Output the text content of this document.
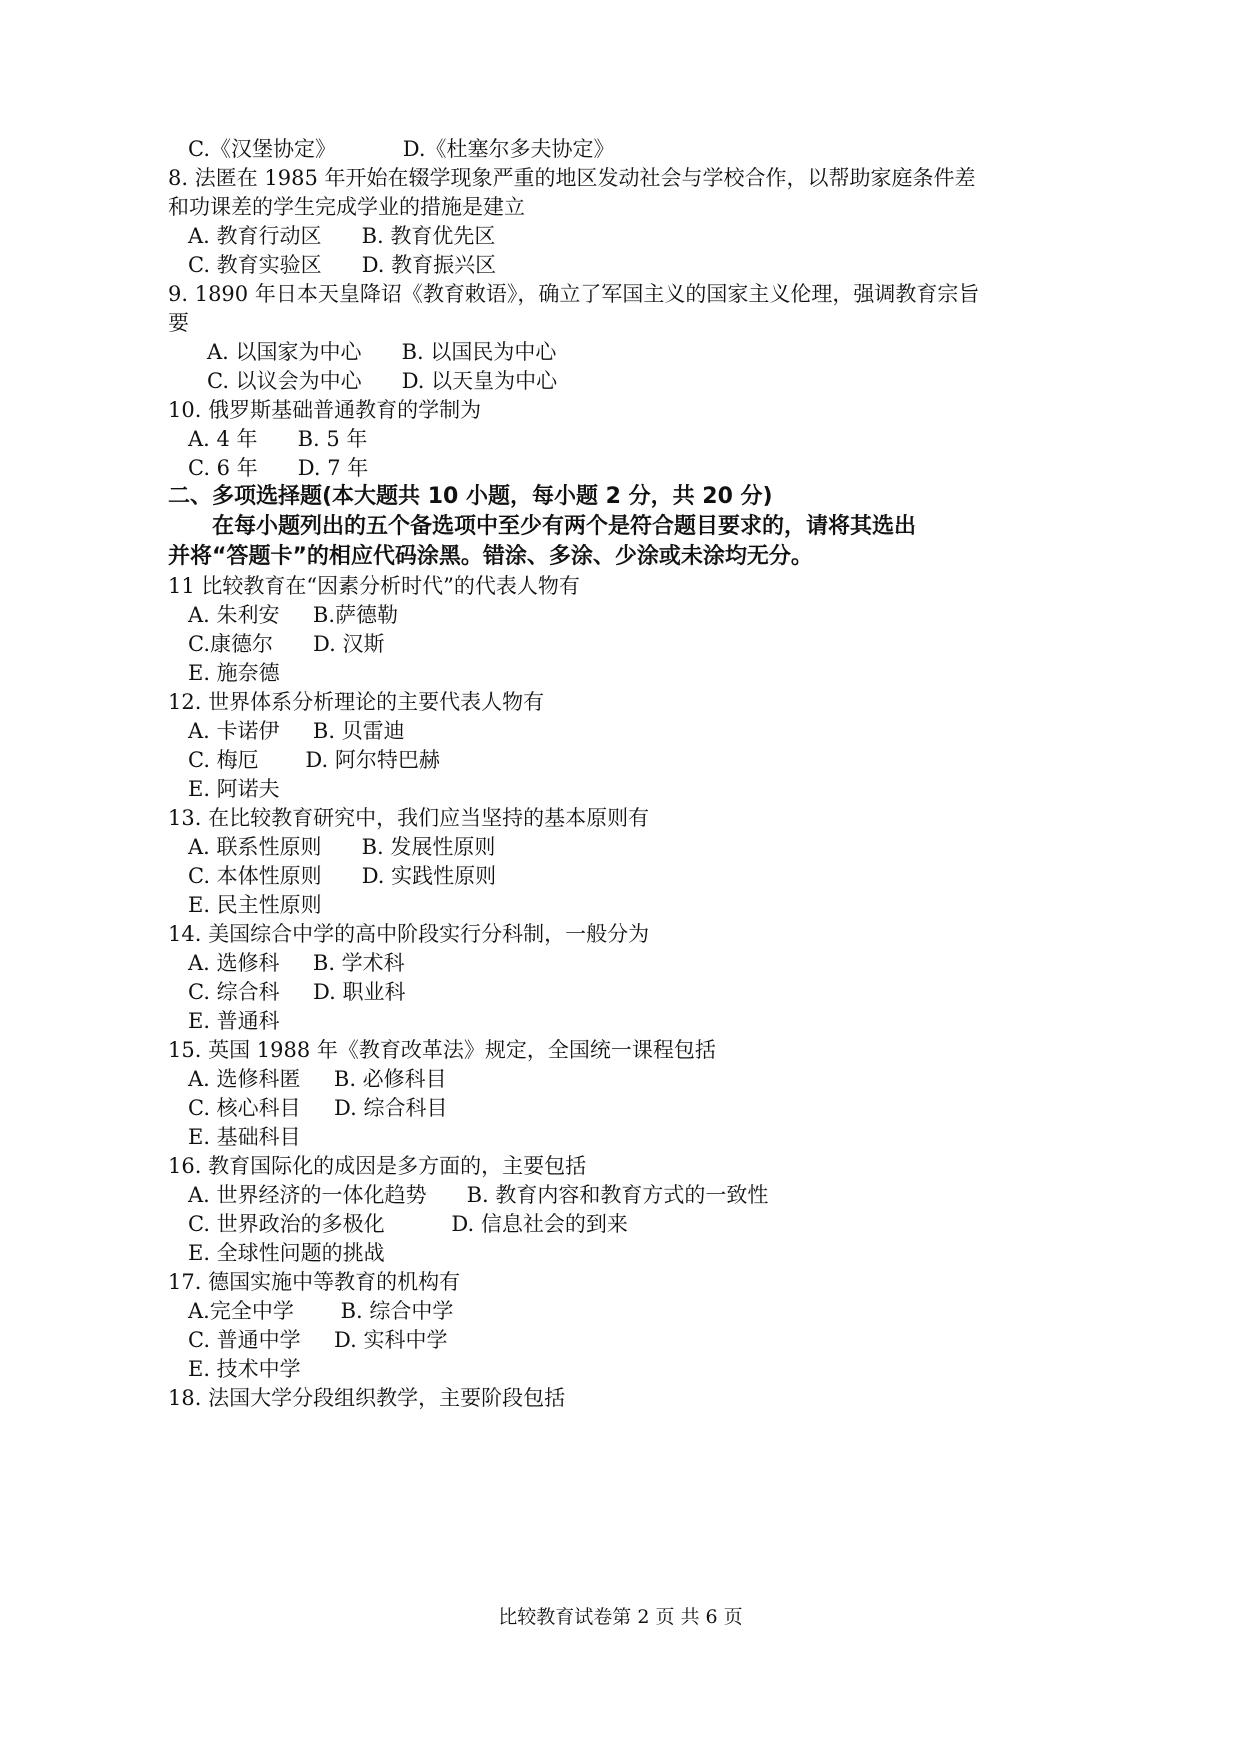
C.《汉堡协定》          D.《杜塞尔多夫协定》
8. 法匿在 1985 年开始在辍学现象严重的地区发动社会与学校合作，以帮助家庭条件差
和功课差的学生完成学业的措施是建立
A. 教育行动区      B. 教育优先区
C. 教育实验区      D. 教育振兴区
9. 1890 年日本天皇降诏《教育敕语》，确立了军国主义的国家主义伦理，强调教育宗旨
要
A. 以国家为中心      B. 以国民为中心
C. 以议会为中心      D. 以天皇为中心
10. 俄罗斯基础普通教育的学制为
A. 4 年      B. 5 年
C. 6 年      D. 7 年
二、多项选择题(本大题共 10 小题，每小题 2 分，共 20 分)
在每小题列出的五个备选项中至少有两个是符合题目要求的，请将其选出
并将“答题卡”的相应代码涂黑。错涂、多涂、少涂或未涂均无分。
11 比较教育在“因素分析时代”的代表人物有
A. 朱利安     B.萨德勒
C.康德尔      D. 汉斯
E. 施奈德
12. 世界体系分析理论的主要代表人物有
A. 卡诺伊     B. 贝雷迪
C. 梅厄       D. 阿尔特巴赫
E. 阿诺夫
13. 在比较教育研究中，我们应当坚持的基本原则有
A. 联系性原则      B. 发展性原则
C. 本体性原则      D. 实践性原则
E. 民主性原则
14. 美国综合中学的高中阶段实行分科制，一般分为
A. 选修科     B. 学术科
C. 综合科     D. 职业科
E. 普通科
15. 英国 1988 年《教育改革法》规定，全国统一课程包括
A. 选修科匿     B. 必修科目
C. 核心科目     D. 综合科目
E. 基础科目
16. 教育国际化的成因是多方面的，主要包括
A. 世界经济的一体化趋势      B. 教育内容和教育方式的一致性
C. 世界政治的多极化          D. 信息社会的到来
E. 全球性问题的挑战
17. 德国实施中等教育的机构有
A.完全中学       B. 综合中学
C. 普通中学     D. 实科中学
E. 技术中学
18. 法国大学分段组织教学，主要阶段包括
比较教育试卷第 2 页 共 6 页
